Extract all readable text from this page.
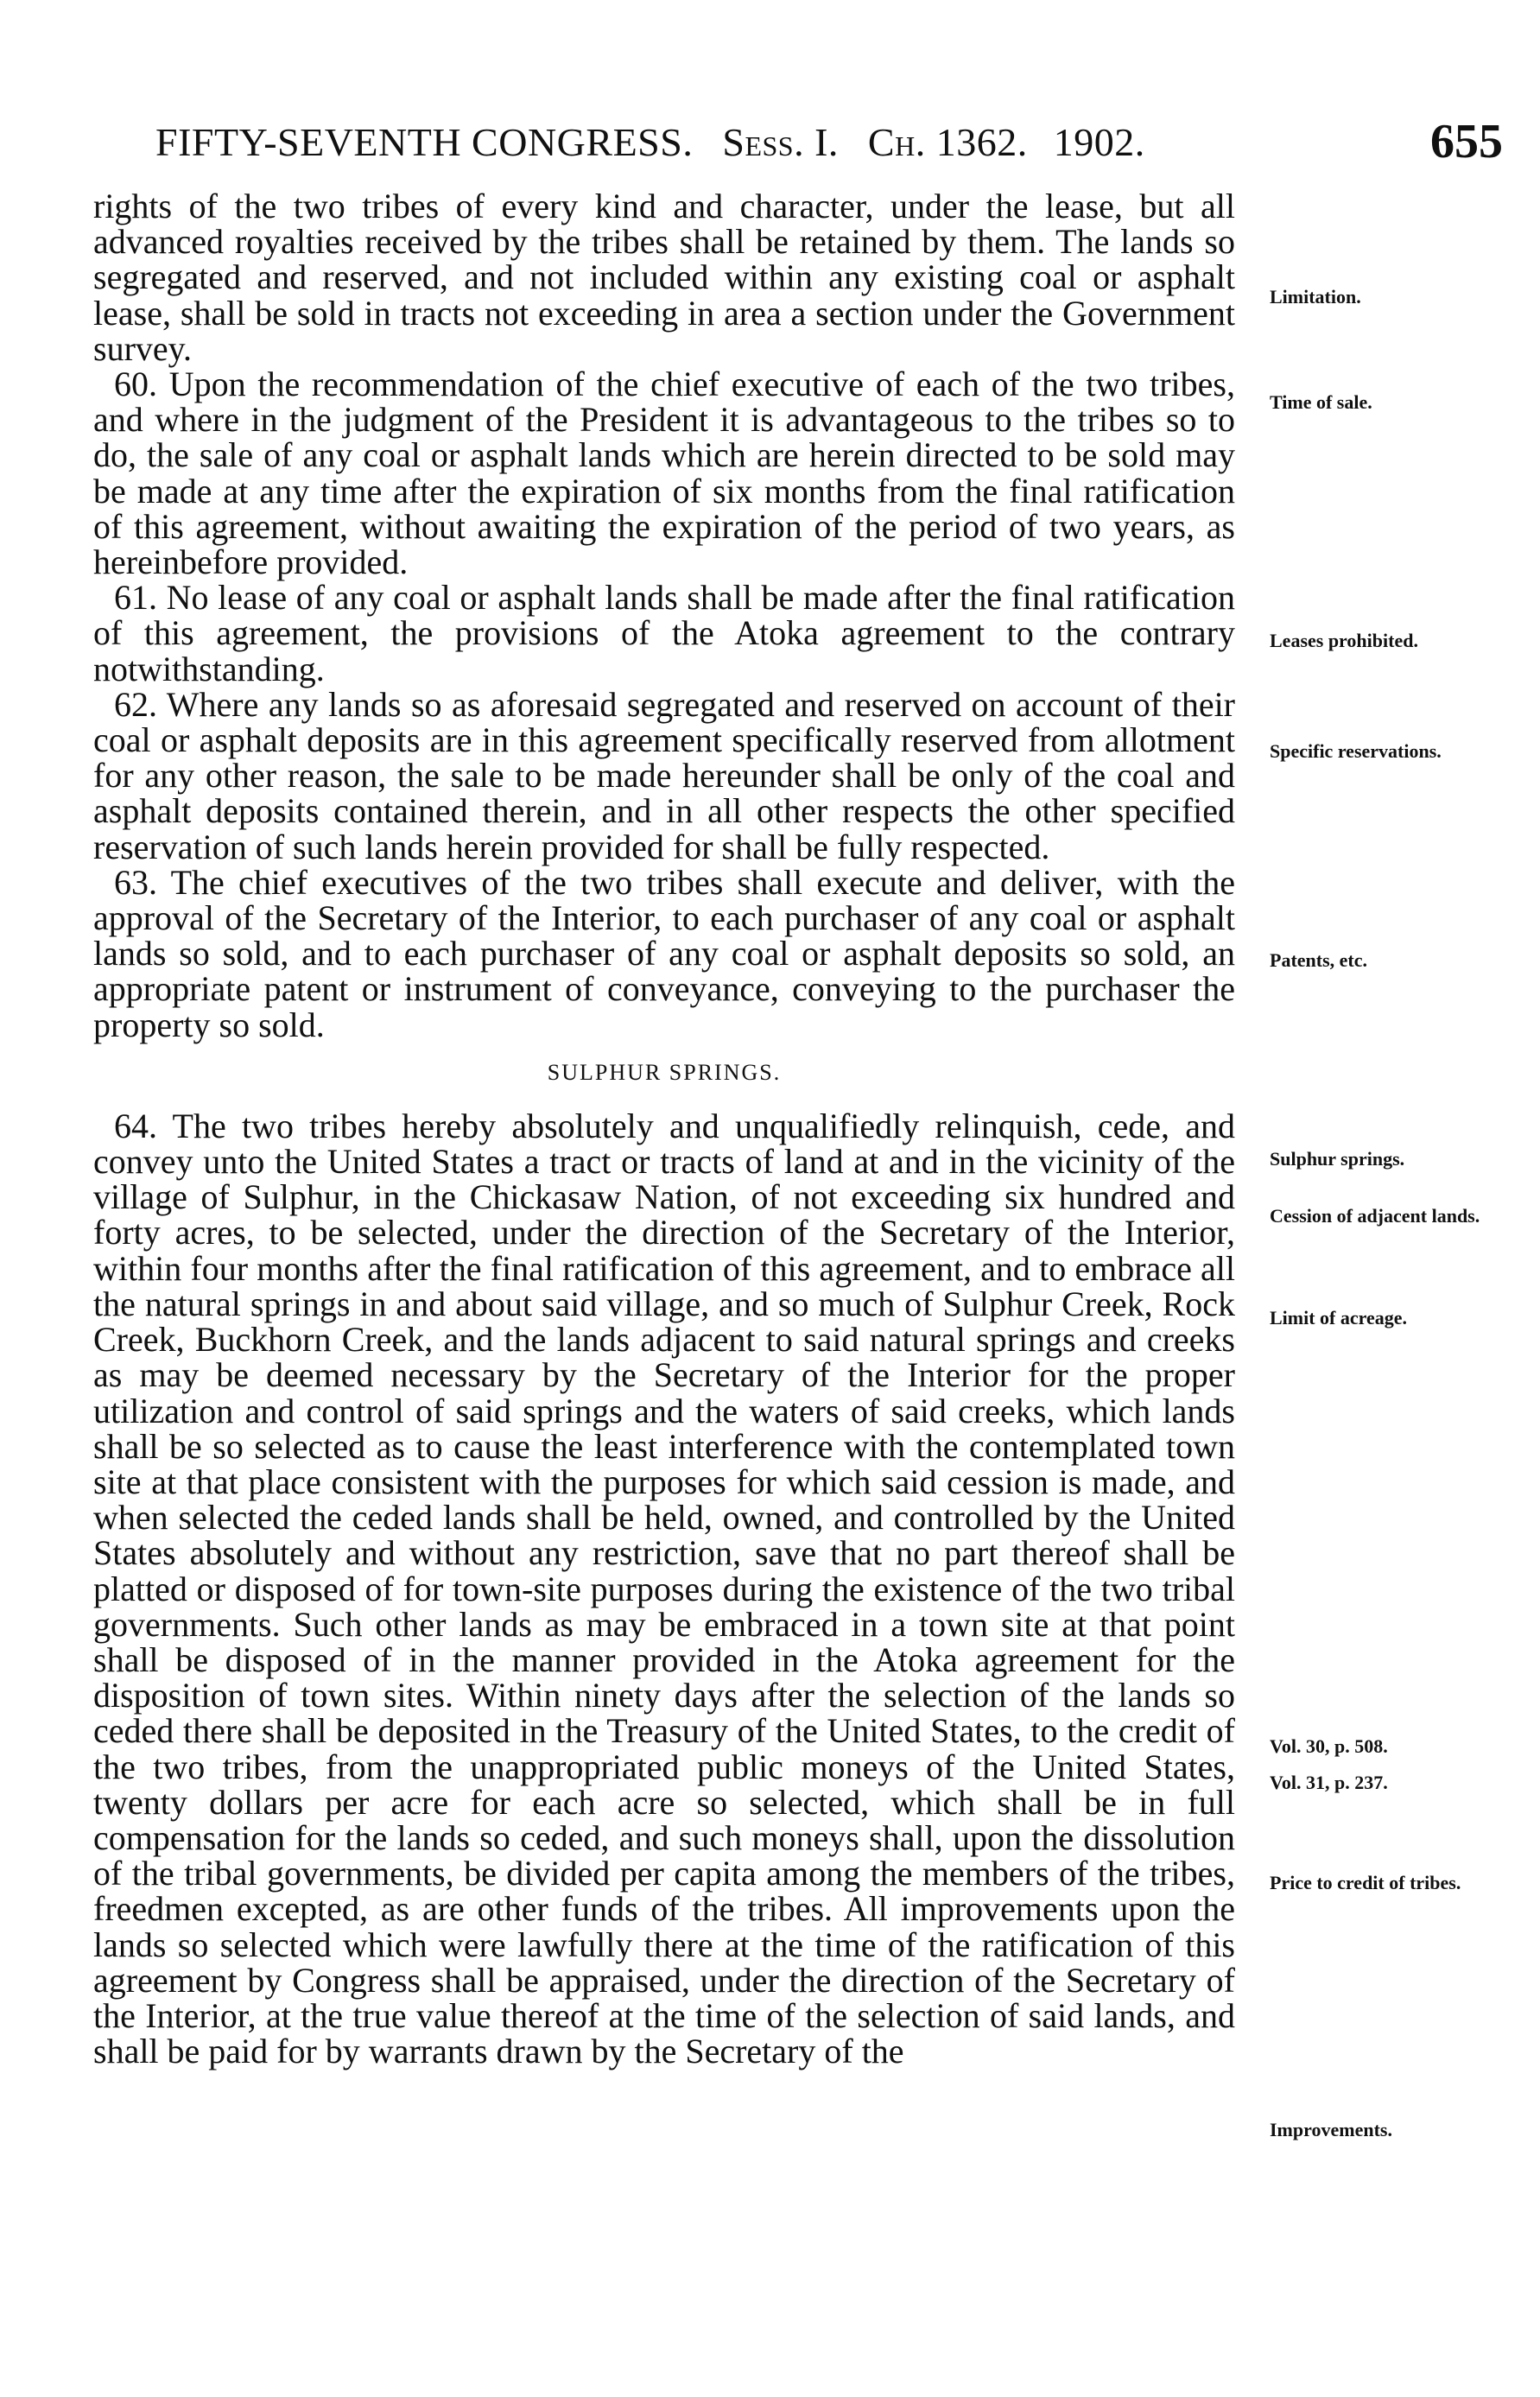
FIFTY-SEVENTH CONGRESS. Sess. I. Ch. 1362. 1902.	655

rights of the two tribes of every kind and character, under the lease, but all advanced royalties received by the tribes shall be retained by them. The lands so segregated and reserved, and not included within any existing coal or asphalt lease, shall be sold in tracts not exceeding in area a section under the Government survey.

60. Upon the recommendation of the chief executive of each of the two tribes, and where in the judgment of the President it is advantageous to the tribes so to do, the sale of any coal or asphalt lands which are herein directed to be sold may be made at any time after the expiration of six months from the final ratification of this agreement, without awaiting the expiration of the period of two years, as hereinbefore provided.

61. No lease of any coal or asphalt lands shall be made after the final ratification of this agreement, the provisions of the Atoka agreement to the contrary notwithstanding.

62. Where any lands so as aforesaid segregated and reserved on account of their coal or asphalt deposits are in this agreement specifically reserved from allotment for any other reason, the sale to be made hereunder shall be only of the coal and asphalt deposits contained therein, and in all other respects the other specified reservation of such lands herein provided for shall be fully respected.

63. The chief executives of the two tribes shall execute and deliver, with the approval of the Secretary of the Interior, to each purchaser of any coal or asphalt lands so sold, and to each purchaser of any coal or asphalt deposits so sold, an appropriate patent or instrument of conveyance, conveying to the purchaser the property so sold.

SULPHUR SPRINGS.

64. The two tribes hereby absolutely and unqualifiedly relinquish, cede, and convey unto the United States a tract or tracts of land at and in the vicinity of the village of Sulphur, in the Chickasaw Nation, of not exceeding six hundred and forty acres, to be selected, under the direction of the Secretary of the Interior, within four months after the final ratification of this agreement, and to embrace all the natural springs in and about said village, and so much of Sulphur Creek, Rock Creek, Buckhorn Creek, and the lands adjacent to said natural springs and creeks as may be deemed necessary by the Secretary of the Interior for the proper utilization and control of said springs and the waters of said creeks, which lands shall be so selected as to cause the least interference with the contemplated town site at that place consistent with the purposes for which said cession is made, and when selected the ceded lands shall be held, owned, and controlled by the United States absolutely and without any restriction, save that no part thereof shall be platted or disposed of for town-site purposes during the existence of the two tribal governments. Such other lands as may be embraced in a town site at that point shall be disposed of in the manner provided in the Atoka agreement for the disposition of town sites. Within ninety days after the selection of the lands so ceded there shall be deposited in the Treasury of the United States, to the credit of the two tribes, from the unappropriated public moneys of the United States, twenty dollars per acre for each acre so selected, which shall be in full compensation for the lands so ceded, and such moneys shall, upon the dissolution of the tribal governments, be divided per capita among the members of the tribes, freedmen excepted, as are other funds of the tribes. All improvements upon the lands so selected which were lawfully there at the time of the ratification of this agreement by Congress shall be appraised, under the direction of the Secretary of the Interior, at the true value thereof at the time of the selection of said lands, and shall be paid for by warrants drawn by the Secretary of the

Limitation.
Time of sale.
Leases prohibited.
Specific reservations.
Patents, etc.
Sulphur springs.
Cession of adjacent lands.
Limit of acreage.
Vol. 30, p. 508.
Vol. 31, p. 237.
Price to credit of tribes.
Improvements.
